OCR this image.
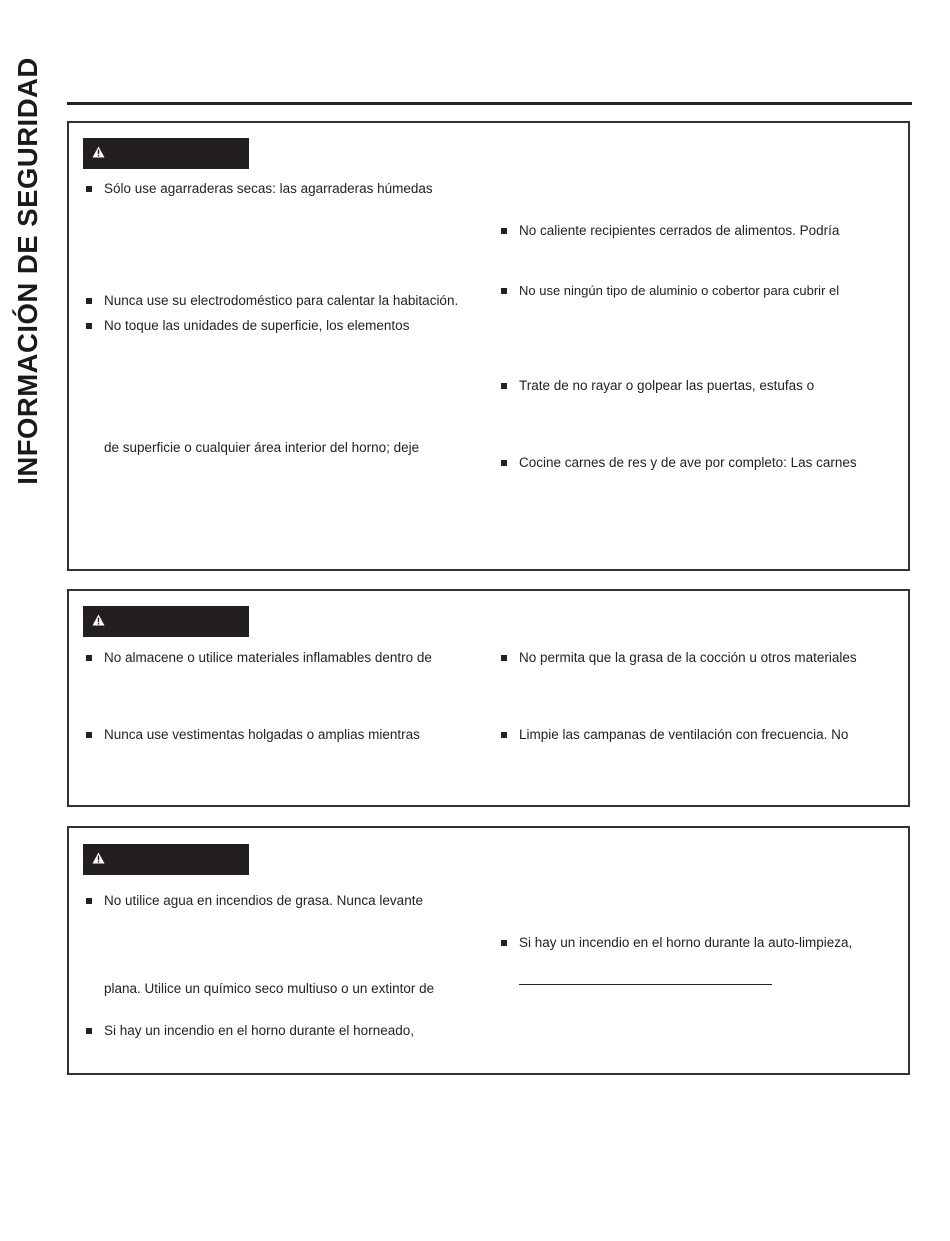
INFORMACIÓN DE SEGURIDAD	Sólo use agarraderas secas: las agarraderas húmedas
No caliente recipientes cerrados de alimentos. Podría
No use ningún tipo de aluminio o cobertor para cubrir el
Nunca use su electrodoméstico para calentar la habitación.
No toque las unidades de superficie, los elementos
Trate de no rayar o golpear las puertas, estufas o
de superficie o cualquier área interior del horno; deje
Cocine carnes de res y de ave por completo: Las carnes
No almacene o utilice materiales inflamables dentro de	No permita que la grasa de la cocción u otros materiales
Nunca use vestimentas holgadas o amplias mientras	Limpie las campanas de ventilación con frecuencia. No
No utilice agua en incendios de grasa. Nunca levante
Si hay un incendio en el horno durante la auto-limpieza,
plana. Utilice un químico seco multiuso o un extintor de
Si hay un incendio en el horno durante el horneado,
